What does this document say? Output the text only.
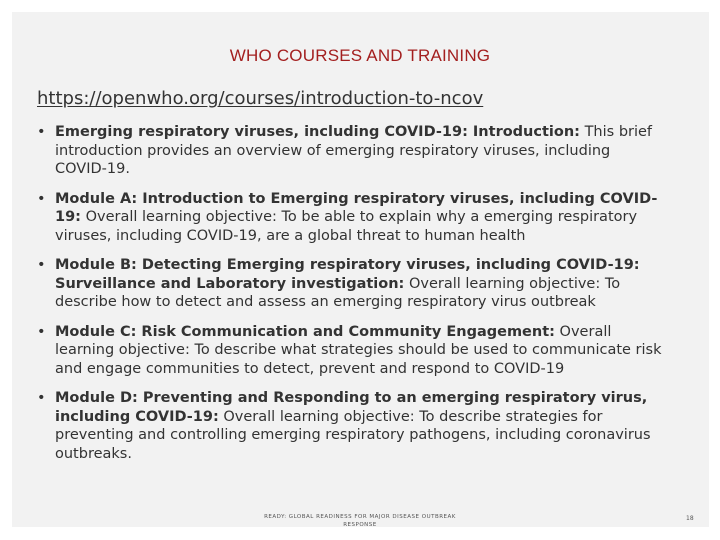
WHO COURSES AND TRAINING
https://openwho.org/courses/introduction-to-ncov
• Emerging respiratory viruses, including COVID-19: Introduction: This brief introduction provides an overview of emerging respiratory viruses, including COVID-19.
• Module A: Introduction to Emerging respiratory viruses, including COVID-19: Overall learning objective: To be able to explain why a emerging respiratory viruses, including COVID-19, are a global threat to human health
• Module B: Detecting Emerging respiratory viruses, including COVID-19: Surveillance and Laboratory investigation: Overall learning objective: To describe how to detect and assess an emerging respiratory virus outbreak
• Module C: Risk Communication and Community Engagement: Overall learning objective: To describe what strategies should be used to communicate risk and engage communities to detect, prevent and respond to COVID-19
• Module D: Preventing and Responding to an emerging respiratory virus, including COVID-19: Overall learning objective: To describe strategies for preventing and controlling emerging respiratory pathogens, including coronavirus outbreaks.
READY: GLOBAL READINESS FOR MAJOR DISEASE OUTBREAK RESPONSE
18
